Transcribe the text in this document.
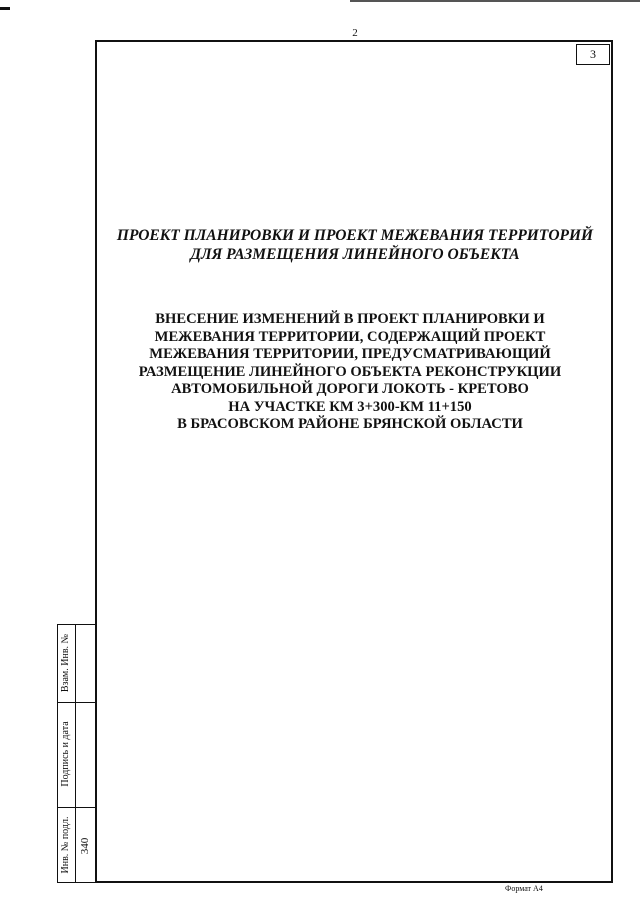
2
3

ПРОЕКТ ПЛАНИРОВКИ И ПРОЕКТ МЕЖЕВАНИЯ ТЕРРИТОРИЙ
ДЛЯ РАЗМЕЩЕНИЯ ЛИНЕЙНОГО ОБЪЕКТА

ВНЕСЕНИЕ ИЗМЕНЕНИЙ В ПРОЕКТ ПЛАНИРОВКИ И
МЕЖЕВАНИЯ ТЕРРИТОРИИ, СОДЕРЖАЩИЙ ПРОЕКТ
МЕЖЕВАНИЯ ТЕРРИТОРИИ, ПРЕДУСМАТРИВАЮЩИЙ
РАЗМЕЩЕНИЕ ЛИНЕЙНОГО ОБЪЕКТА РЕКОНСТРУКЦИИ
АВТОМОБИЛЬНОЙ ДОРОГИ ЛОКОТЬ - КРЕТОВО
НА УЧАСТКЕ КМ 3+300-КМ 11+150
В БРАСОВСКОМ РАЙОНЕ БРЯНСКОЙ ОБЛАСТИ

Взам. Инв. №
Подпись и дата
Инв. № подл. 340
Формат А4
